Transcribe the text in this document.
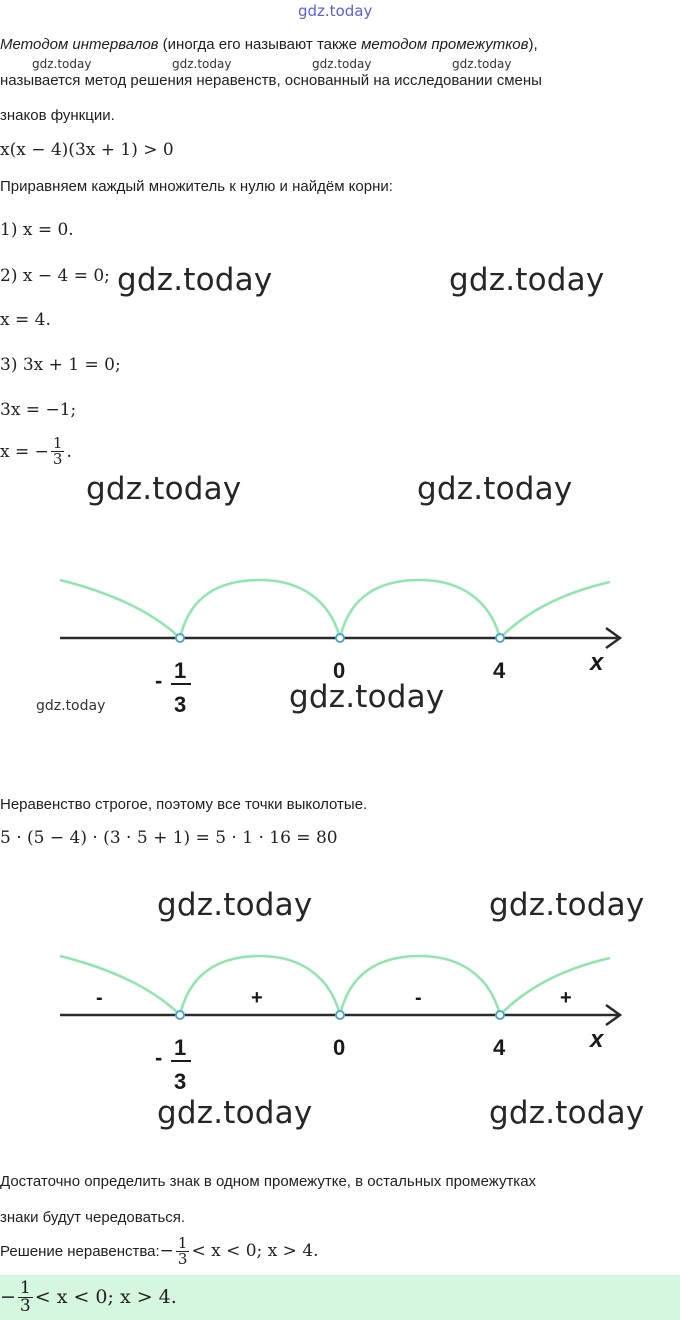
gdz.today
Методом интервалов (иногда его называют также методом промежутков),
gdz.today	gdz.today	gdz.today	gdz.today
называется метод решения неравенств, основанный на исследовании смены
знаков функции.
x(x − 4)(3x + 1) > 0
Приравняем каждый множитель к нулю и найдём корни:
1) x = 0.
2) x − 4 = 0; gdz.today	gdz.today
x = 4.
3) 3x + 1 = 0;
3x = −1;
x = − $\frac{1}{3}$ .
gdz.today	gdz.today
- 1
3
0	4	x
gdz.today	gdz.today
Неравенство строгое, поэтому все точки выколотые.
5 · (5 − 4) · (3 · 5 + 1) = 5 · 1 · 16 = 80
gdz.today	gdz.today
-	+	-	+
- 1
3
0	4	x
gdz.today	gdz.today
Достаточно определить знак в одном промежутке, в остальных промежутках
знаки будут чередоваться.
Решение неравенства: − $\frac{1}{3} < x < 0$; x > 4.
− $\frac{1}{3} < x < 0$; x > 4.
